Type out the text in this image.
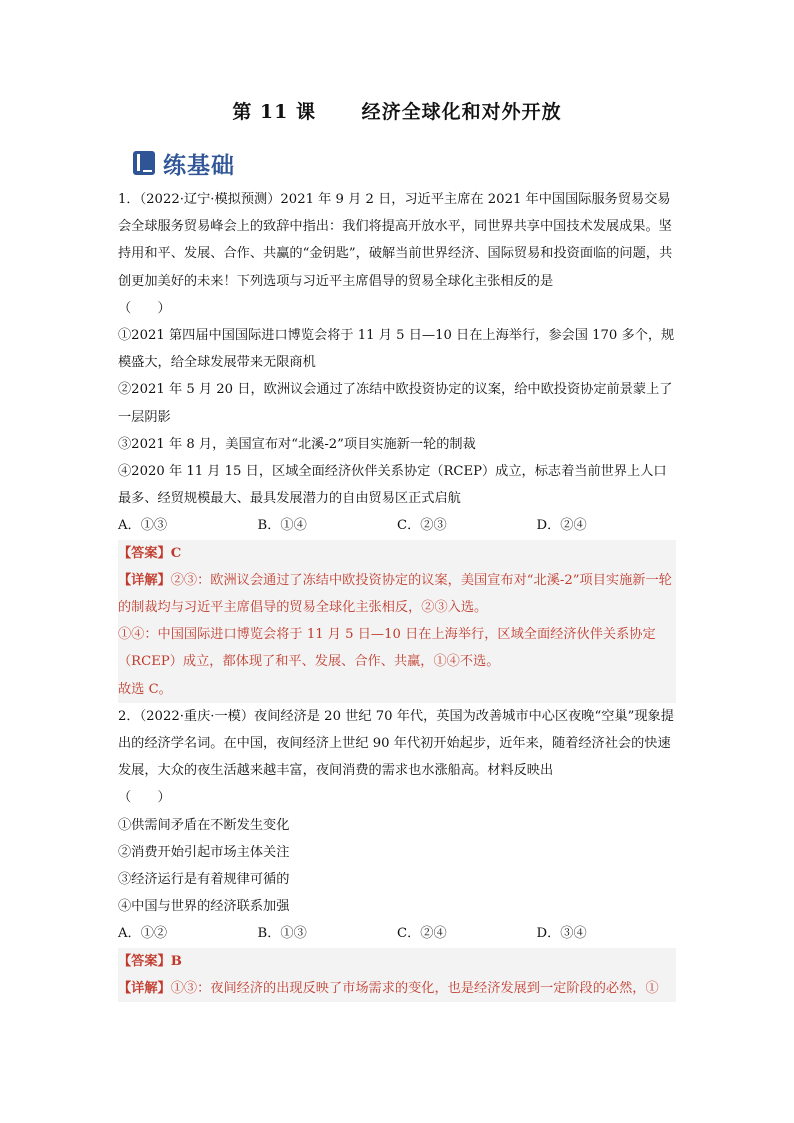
第 11 课      经济全球化和对外开放
练基础

1．（2022·辽宁·模拟预测）2021 年 9 月 2 日，习近平主席在 2021 年中国国际服务贸易交易会全球服务贸易峰会上的致辞中指出：我们将提高开放水平，同世界共享中国技术发展成果。坚持用和平、发展、合作、共赢的“金钥匙”，破解当前世界经济、国际贸易和投资面临的问题，共创更加美好的未来！下列选项与习近平主席倡导的贸易全球化主张相反的是

（　　）

①2021 第四届中国国际进口博览会将于 11 月 5 日—10 日在上海举行，参会国 170 多个，规模盛大，给全球发展带来无限商机

②2021 年 5 月 20 日，欧洲议会通过了冻结中欧投资协定的议案，给中欧投资协定前景蒙上了一层阴影

③2021 年 8 月，美国宣布对“北溪-2”项目实施新一轮的制裁

④2020 年 11 月 15 日，区域全面经济伙伴关系协定（RCEP）成立，标志着当前世界上人口最多、经贸规模最大、最具发展潜力的自由贸易区正式启航

A．①③	B．①④	C．②③	D．②④

【答案】C

【详解】②③：欧洲议会通过了冻结中欧投资协定的议案，美国宣布对“北溪-2”项目实施新一轮的制裁均与习近平主席倡导的贸易全球化主张相反，②③入选。

①④：中国国际进口博览会将于 11 月 5 日—10 日在上海举行，区域全面经济伙伴关系协定（RCEP）成立，都体现了和平、发展、合作、共赢，①④不选。

故选 C。

2．（2022·重庆·一模）夜间经济是 20 世纪 70 年代，英国为改善城市中心区夜晚“空巢”现象提出的经济学名词。在中国，夜间经济上世纪 90 年代初开始起步，近年来，随着经济社会的快速发展，大众的夜生活越来越丰富，夜间消费的需求也水涨船高。材料反映出

（　　）

①供需间矛盾在不断发生变化

②消费开始引起市场主体关注

③经济运行是有着规律可循的

④中国与世界的经济联系加强

A．①②	B．①③	C．②④	D．③④

【答案】B

【详解】①③：夜间经济的出现反映了市场需求的变化，也是经济发展到一定阶段的必然，①
